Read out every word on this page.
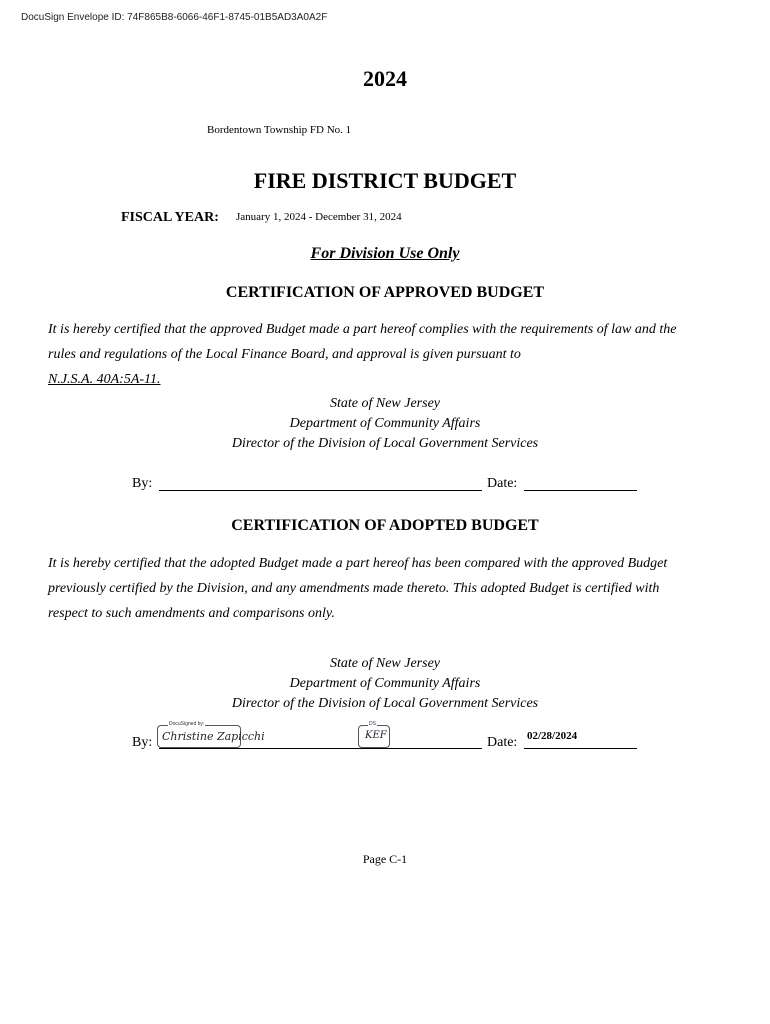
DocuSign Envelope ID: 74F865B8-6066-46F1-8745-01B5AD3A0A2F
2024
Bordentown Township FD No. 1
FIRE DISTRICT BUDGET
FISCAL YEAR: January 1, 2024 - December 31, 2024
For Division Use Only
CERTIFICATION OF APPROVED BUDGET
It is hereby certified that the approved Budget made a part hereof complies with the requirements of law and the rules and regulations of the Local Finance Board, and approval is given pursuant to
N.J.S.A. 40A:5A-11.
State of New Jersey
Department of Community Affairs
Director of the Division of Local Government Services
By:	Date:
CERTIFICATION OF ADOPTED BUDGET
It is hereby certified that the adopted Budget made a part hereof has been compared with the approved Budget previously certified by the Division, and any amendments made thereto. This adopted Budget is certified with respect to such amendments and comparisons only.
State of New Jersey
Department of Community Affairs
Director of the Division of Local Government Services
By:
DocuSigned by:
Christine Zapicchi
DS
KEF	Date: 02/28/2024
Page C-1
